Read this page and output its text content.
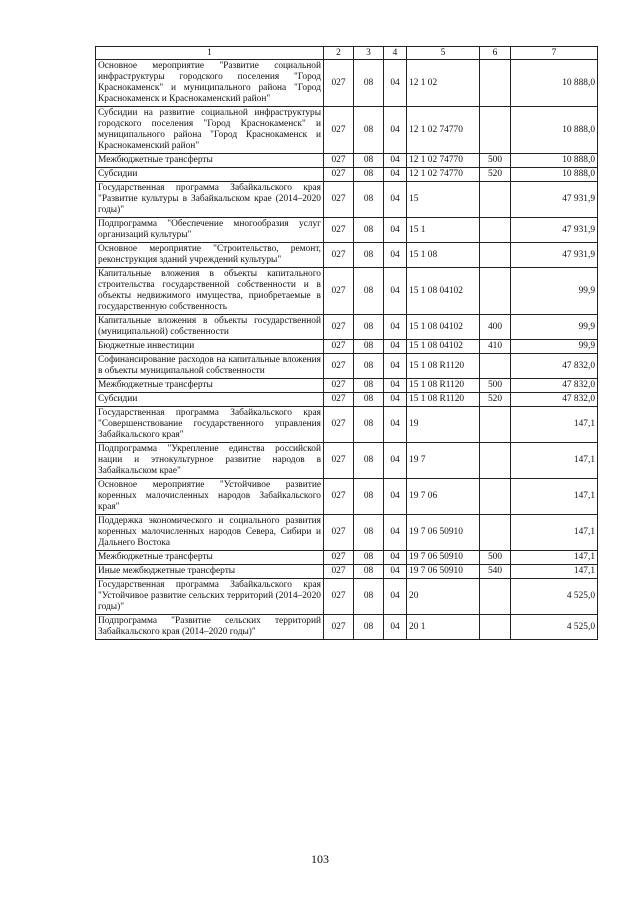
1	2	3	4	5	6	7
Основное мероприятие "Развитие социальной инфраструктуры городского поселения "Город Краснокаменск" и муниципального района "Город Краснокаменск и Краснокаменский район"	027	08	04	12 1 02		10 888,0
Субсидии на развитие социальной инфраструктуры городского поселения "Город Краснокаменск" и муниципального района "Город Краснокаменск и Краснокаменский район"	027	08	04	12 1 02 74770		10 888,0
Межбюджетные трансферты	027	08	04	12 1 02 74770	500	10 888,0
Субсидии	027	08	04	12 1 02 74770	520	10 888,0
Государственная программа Забайкальского края "Развитие культуры в Забайкальском крае (2014–2020 годы)"	027	08	04	15		47 931,9
Подпрограмма "Обеспечение многообразия услуг организаций культуры"	027	08	04	15 1		47 931,9
Основное мероприятие "Строительство, ремонт, реконструкция зданий учреждений культуры"	027	08	04	15 1 08		47 931,9
Капитальные вложения в объекты капитального строительства государственной собственности и в объекты недвижимого имущества, приобретаемые в государственную собственность	027	08	04	15 1 08 04102		99,9
Капитальные вложения в объекты государственной (муниципальной) собственности	027	08	04	15 1 08 04102	400	99,9
Бюджетные инвестиции	027	08	04	15 1 08 04102	410	99,9
Софинансирование расходов на капитальные вложения в объекты муниципальной собственности	027	08	04	15 1 08 R1120		47 832,0
Межбюджетные трансферты	027	08	04	15 1 08 R1120	500	47 832,0
Субсидии	027	08	04	15 1 08 R1120	520	47 832,0
Государственная программа Забайкальского края "Совершенствование государственного управления Забайкальского края"	027	08	04	19		147,1
Подпрограмма "Укрепление единства российской нации и этнокультурное развитие народов в Забайкальском крае"	027	08	04	19 7		147,1
Основное мероприятие "Устойчивое развитие коренных малочисленных народов Забайкальского края"	027	08	04	19 7 06		147,1
Поддержка экономического и социального развития коренных малочисленных народов Севера, Сибири и Дальнего Востока	027	08	04	19 7 06 50910		147,1
Межбюджетные трансферты	027	08	04	19 7 06 50910	500	147,1
Иные межбюджетные трансферты	027	08	04	19 7 06 50910	540	147,1
Государственная программа Забайкальского края "Устойчивое развитие сельских территорий (2014–2020 годы)"	027	08	04	20		4 525,0
Подпрограмма "Развитие сельских территорий Забайкальского края (2014–2020 годы)"	027	08	04	20 1		4 525,0
103
